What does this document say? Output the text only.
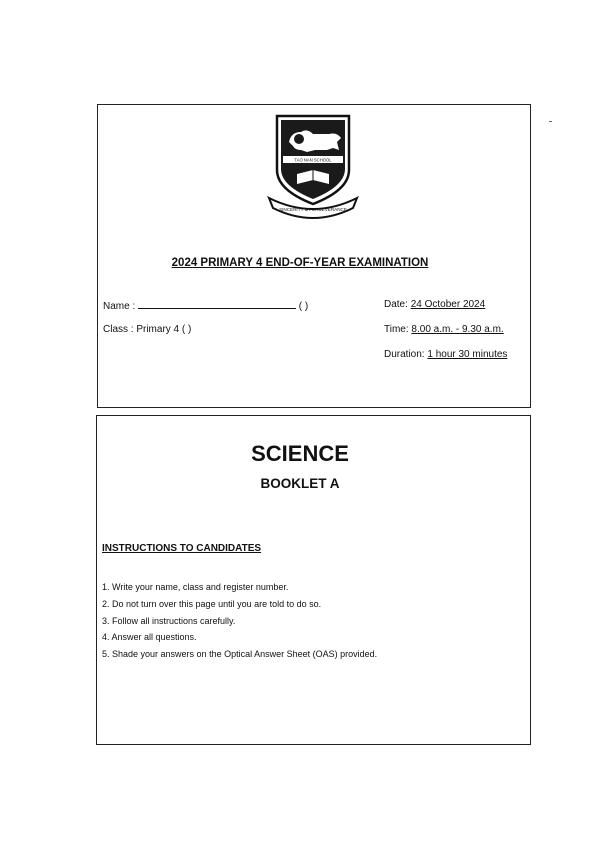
TAO NAN SCHOOL
SINCERITY & PERSEVERANCE
2024 PRIMARY 4 END-OF-YEAR EXAMINATION
Name :	( )	Date: 24 October 2024
Class : Primary 4 ( )	Time: 8.00 a.m. - 9.30 a.m.
Duration: 1 hour 30 minutes
SCIENCE
BOOKLET A
INSTRUCTIONS TO CANDIDATES
1. Write your name, class and register number.
2. Do not turn over this page until you are told to do so.
3. Follow all instructions carefully.
4. Answer all questions.
5. Shade your answers on the Optical Answer Sheet (OAS) provided.
